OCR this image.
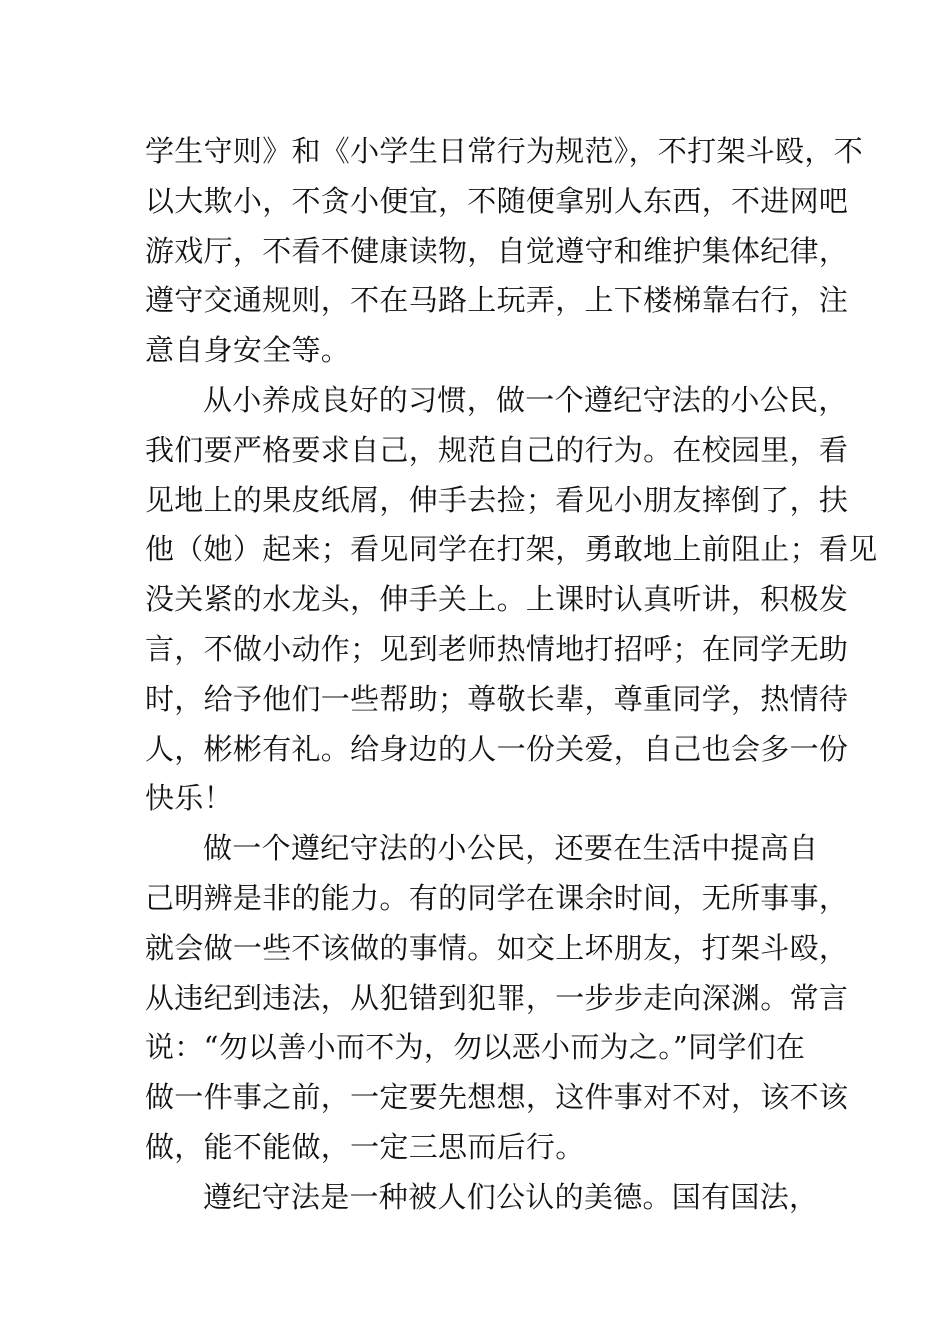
学生守则》和《小学生日常行为规范》，不打架斗殴，不
以大欺小，不贪小便宜，不随便拿别人东西，不进网吧
游戏厅，不看不健康读物，自觉遵守和维护集体纪律，
遵守交通规则，不在马路上玩弄，上下楼梯靠右行，注
意自身安全等。
从小养成良好的习惯，做一个遵纪守法的小公民，
我们要严格要求自己，规范自己的行为。在校园里，看
见地上的果皮纸屑，伸手去捡；看见小朋友摔倒了，扶
他（她）起来；看见同学在打架，勇敢地上前阻止；看见
没关紧的水龙头，伸手关上。上课时认真听讲，积极发
言，不做小动作；见到老师热情地打招呼；在同学无助
时，给予他们一些帮助；尊敬长辈，尊重同学，热情待
人，彬彬有礼。给身边的人一份关爱，自己也会多一份
快乐！
做一个遵纪守法的小公民，还要在生活中提高自
己明辨是非的能力。有的同学在课余时间，无所事事，
就会做一些不该做的事情。如交上坏朋友，打架斗殴，
从违纪到违法，从犯错到犯罪，一步步走向深渊。常言
说：“勿以善小而不为，勿以恶小而为之。”同学们在
做一件事之前，一定要先想想，这件事对不对，该不该
做，能不能做，一定三思而后行。
遵纪守法是一种被人们公认的美德。国有国法，
